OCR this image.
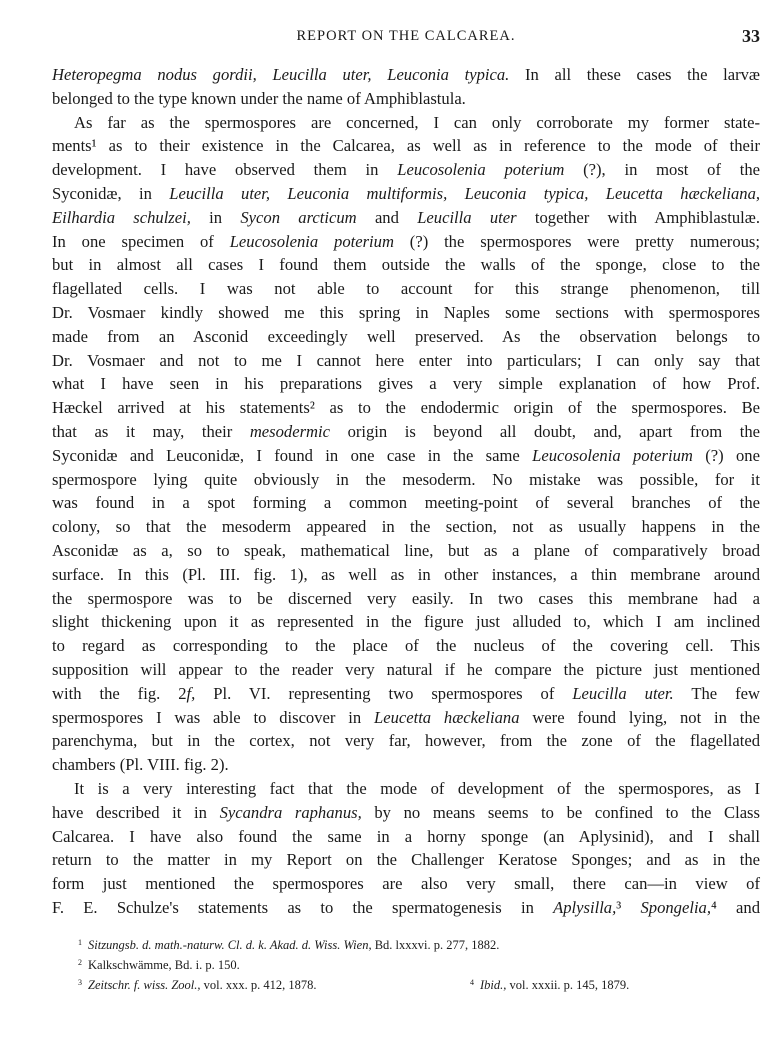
REPORT ON THE CALCAREA.	33
Heteropegma nodus gordii, Leucilla uter, Leuconia typica. In all these cases the larvæ
belonged to the type known under the name of Amphiblastula.
As far as the spermospores are concerned, I can only corroborate my former state-
ments¹ as to their existence in the Calcarea, as well as in reference to the mode of their
development. I have observed them in Leucosolenia poterium (?), in most of the
Syconidæ, in Leucilla uter, Leuconia multiformis, Leuconia typica, Leucetta hæckeliana,
Eilhardia schulzei, in Sycon arcticum and Leucilla uter together with Amphiblastulæ.
In one specimen of Leucosolenia poterium (?) the spermospores were pretty numerous;
but in almost all cases I found them outside the walls of the sponge, close to the
flagellated cells. I was not able to account for this strange phenomenon, till
Dr. Vosmaer kindly showed me this spring in Naples some sections with spermospores
made from an Asconid exceedingly well preserved. As the observation belongs to
Dr. Vosmaer and not to me I cannot here enter into particulars; I can only say that
what I have seen in his preparations gives a very simple explanation of how Prof.
Hæckel arrived at his statements² as to the endodermic origin of the spermospores. Be
that as it may, their mesodermic origin is beyond all doubt, and, apart from the
Syconidæ and Leuconidæ, I found in one case in the same Leucosolenia poterium (?) one
spermospore lying quite obviously in the mesoderm. No mistake was possible, for it
was found in a spot forming a common meeting-point of several branches of the
colony, so that the mesoderm appeared in the section, not as usually happens in the
Asconidæ as a, so to speak, mathematical line, but as a plane of comparatively broad
surface. In this (Pl. III. fig. 1), as well as in other instances, a thin membrane around
the spermospore was to be discerned very easily. In two cases this membrane had a
slight thickening upon it as represented in the figure just alluded to, which I am inclined
to regard as corresponding to the place of the nucleus of the covering cell. This
supposition will appear to the reader very natural if he compare the picture just mentioned
with the fig. 2f, Pl. VI. representing two spermospores of Leucilla uter. The few
spermospores I was able to discover in Leucetta hæckeliana were found lying, not in the
parenchyma, but in the cortex, not very far, however, from the zone of the flagellated
chambers (Pl. VIII. fig. 2).
It is a very interesting fact that the mode of development of the spermospores, as I
have described it in Sycandra raphanus, by no means seems to be confined to the Class
Calcarea. I have also found the same in a horny sponge (an Aplysinid), and I shall
return to the matter in my Report on the Challenger Keratose Sponges; and as in the
form just mentioned the spermospores are also very small, there can—in view of
F. E. Schulze's statements as to the spermatogenesis in Aplysilla,³ Spongelia,⁴ and
$^1$ Sitzungsb. d. math.-naturw. Cl. d. k. Akad. d. Wiss. Wien, Bd. lxxxvi. p. 277, 1882.
$^2$ Kalkschwämme, Bd. i. p. 150.
$^3$ Zeitschr. f. wiss. Zool., vol. xxx. p. 412, 1878.	$^4$ Ibid., vol. xxxii. p. 145, 1879.
